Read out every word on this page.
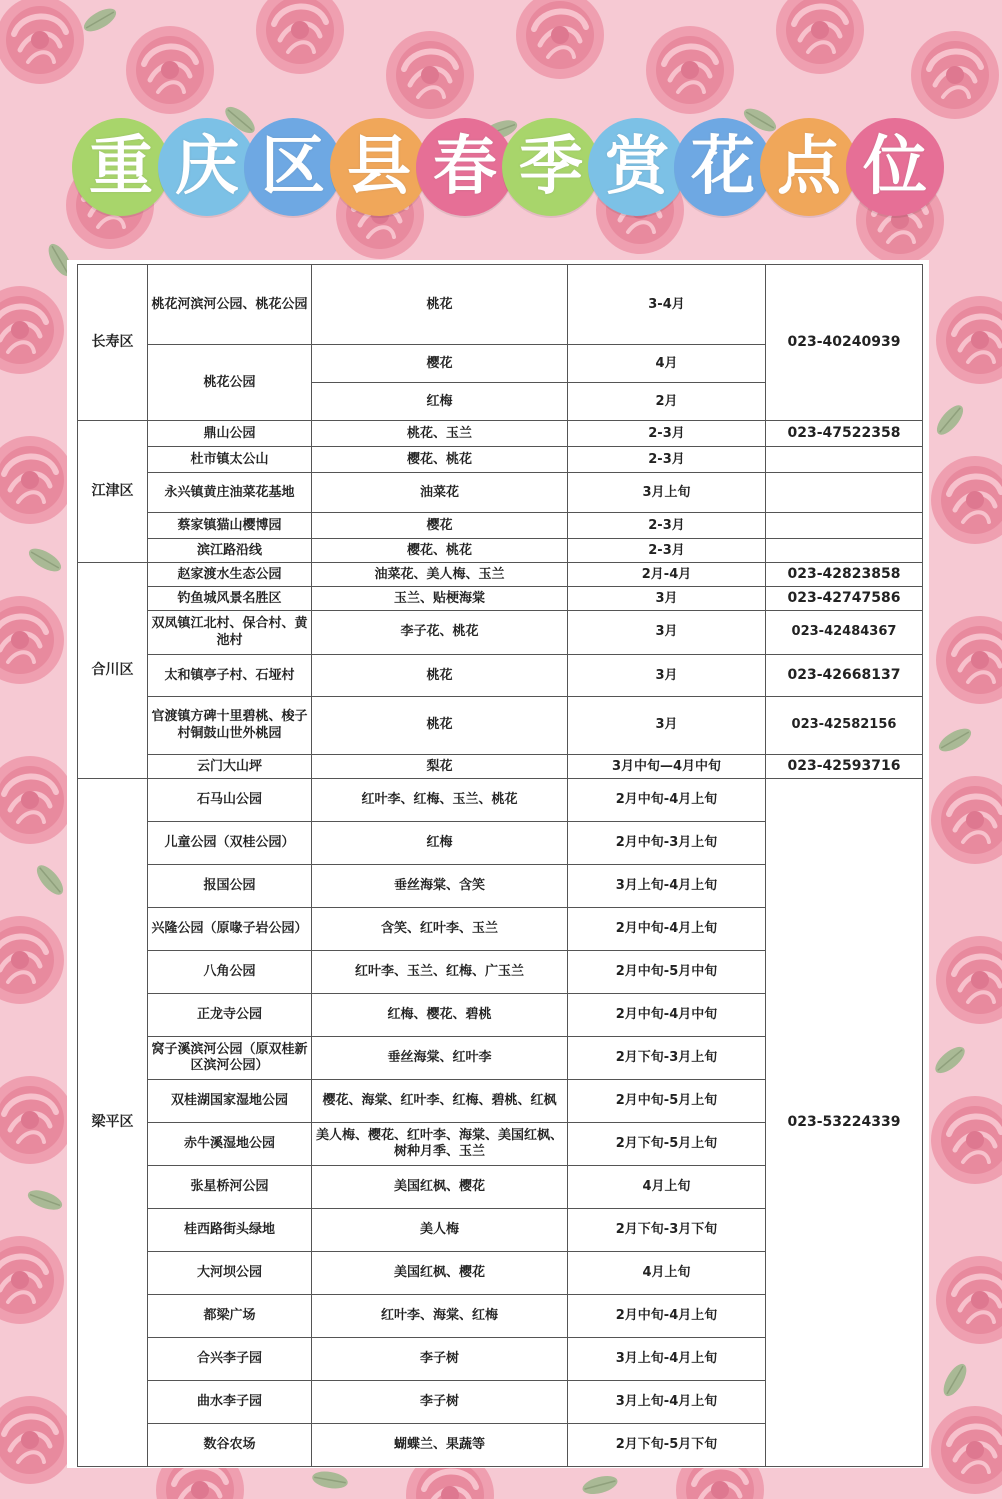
重 庆 区 县 春 季 赏 花 点 位
长寿区	桃花河滨河公园、桃花公园	桃花	3-4月	023-40240939
	桃花公园	樱花	4月	
		红梅	2月	
江津区	鼎山公园	桃花、玉兰	2-3月	023-47522358
	杜市镇太公山	樱花、桃花	2-3月	
	永兴镇黄庄油菜花基地	油菜花	3月上旬	
	蔡家镇猫山樱博园	樱花	2-3月	
	滨江路沿线	樱花、桃花	2-3月	
合川区	赵家渡水生态公园	油菜花、美人梅、玉兰	2月-4月	023-42823858
	钓鱼城风景名胜区	玉兰、贴梗海棠	3月	023-42747586
	双凤镇江北村、保合村、黄池村	李子花、桃花	3月	023-42484367
	太和镇亭子村、石垭村	桃花	3月	023-42668137
	官渡镇方碑十里碧桃、梭子村铜鼓山世外桃园	桃花	3月	023-42582156
	云门大山坪	梨花	3月中旬—4月中旬	023-42593716
梁平区	石马山公园	红叶李、红梅、玉兰、桃花	2月中旬-4月上旬	023-53224339
	儿童公园（双桂公园）	红梅	2月中旬-3月上旬	
	报国公园	垂丝海棠、含笑	3月上旬-4月上旬	
	兴隆公园（原喙子岩公园）	含笑、红叶李、玉兰	2月中旬-4月上旬	
	八角公园	红叶李、玉兰、红梅、广玉兰	2月中旬-5月中旬	
	正龙寺公园	红梅、樱花、碧桃	2月中旬-4月中旬	
	窝子溪滨河公园（原双桂新区滨河公园）	垂丝海棠、红叶李	2月下旬-3月上旬	
	双桂湖国家湿地公园	樱花、海棠、红叶李、红梅、碧桃、红枫	2月中旬-5月上旬	
	赤牛溪湿地公园	美人梅、樱花、红叶李、海棠、美国红枫、树种月季、玉兰	2月下旬-5月上旬	
	张星桥河公园	美国红枫、樱花	4月上旬	
	桂西路街头绿地	美人梅	2月下旬-3月下旬	
	大河坝公园	美国红枫、樱花	4月上旬	
	都梁广场	红叶李、海棠、红梅	2月中旬-4月上旬	
	合兴李子园	李子树	3月上旬-4月上旬	
	曲水李子园	李子树	3月上旬-4月上旬	
	数谷农场	蝴蝶兰、果蔬等	2月下旬-5月下旬	
